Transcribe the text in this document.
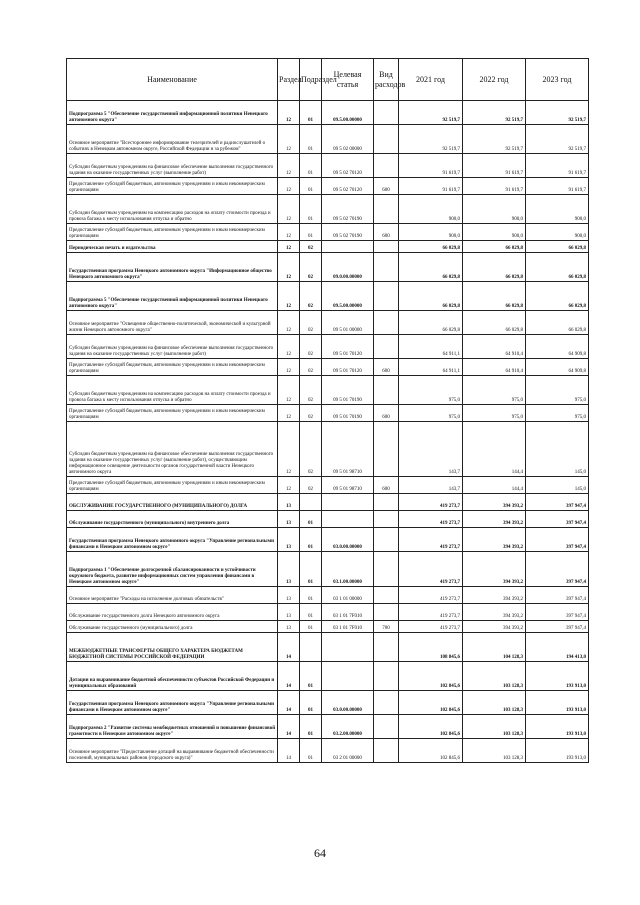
Наименование	Раздел	Подраздел	Целевая статья	Вид расходов	2021 год	2022 год	2023 год
Подпрограмма 5 "Обеспечение государственной информационной политики Ненецкого автономного округа"	12	01	09.5.00.00000		92 519,7	92 519,7	92 519,7
Основное мероприятие "Всестороннее информирование телезрителей и радиослушателей о событиях в Ненецком автономном округе, Российской Федерации и за рубежом"	12	01	09 5 02 00000		92 519,7	92 519,7	92 519,7
Субсидии бюджетным учреждениям на финансовое обеспечение выполнения государственного задания на оказание государственных услуг (выполнение работ)	12	01	09 5 02 70120		91 619,7	91 619,7	91 619,7
Предоставление субсидий бюджетным, автономным учреждениям и иным некоммерческим организациям	12	01	09 5 02 70120	600	91 619,7	91 619,7	91 619,7
Субсидии бюджетным учреждениям на компенсацию расходов на оплату стоимости проезда и провоза багажа к месту использования отпуска и обратно	12	01	09 5 02 70190		900,0	900,0	900,0
Предоставление субсидий бюджетным, автономным учреждениям и иным некоммерческим организациям	12	01	09 5 02 70190	600	900,0	900,0	900,0
Периодическая печать и издательства	12	02			66 029,8	66 029,8	66 029,8
Государственная программа Ненецкого автономного округа "Информационное общество Ненецкого автономного округа"	12	02	09.0.00.00000		66 029,8	66 029,8	66 029,8
Подпрограмма 5 "Обеспечение государственной информационной политики Ненецкого автономного округа"	12	02	09.5.00.00000		66 029,8	66 029,8	66 029,8
Основное мероприятие "Освещение общественно-политической, экономической и культурной жизни Ненецкого автономного округа"	12	02	09 5 01 00000		66 029,8	66 029,8	66 029,8
Субсидии бюджетным учреждениям на финансовое обеспечение выполнения государственного задания на оказание государственных услуг (выполнение работ)	12	02	09 5 01 70120		64 911,1	64 910,4	64 909,8
Предоставление субсидий бюджетным, автономным учреждениям и иным некоммерческим организациям	12	02	09 5 01 70120	600	64 911,1	64 910,4	64 909,8
Субсидии бюджетным учреждениям на компенсацию расходов на оплату стоимости проезда и провоза багажа к месту использования отпуска и обратно	12	02	09 5 01 70190		975,0	975,0	975,0
Предоставление субсидий бюджетным, автономным учреждениям и иным некоммерческим организациям	12	02	09 5 01 70190	600	975,0	975,0	975,0
Субсидии бюджетным учреждениям на финансовое обеспечение выполнения государственного задания на оказание государственных услуг (выполнение работ), осуществляющим информационное освещение деятельности органов государственной власти Ненецкого автономного округа	12	02	09 5 01 98710		143,7	144,4	145,0
Предоставление субсидий бюджетным, автономным учреждениям и иным некоммерческим организациям	12	02	09 5 01 98710	600	143,7	144,4	145,0
ОБСЛУЖИВАНИЕ ГОСУДАРСТВЕННОГО (МУНИЦИПАЛЬНОГО) ДОЛГА	13				419 273,7	394 393,2	397 947,4
Обслуживание государственного (муниципального) внутреннего долга	13	01			419 273,7	394 393,2	397 947,4
Государственная программа Ненецкого автономного округа "Управление региональными финансами в Ненецком автономном округе"	13	01	03.0.00.00000		419 273,7	394 393,2	397 947,4
Подпрограмма 1 "Обеспечение долгосрочной сбалансированности и устойчивости окружного бюджета, развитие информационных систем управления финансами в Ненецком автономном округе"	13	01	03.1.00.00000		419 273,7	394 393,2	397 947,4
Основное мероприятие "Расходы на исполнение долговых обязательств"	13	01	03 1 01 00000		419 273,7	394 393,2	397 947,4
Обслуживание государственного долга Ненецкого автономного округа	13	01	03 1 01 7F010		419 273,7	394 393,2	397 947,4
Обслуживание государственного (муниципального) долга	13	01	03 1 01 7F010	700	419 273,7	394 393,2	397 947,4
МЕЖБЮДЖЕТНЫЕ ТРАНСФЕРТЫ ОБЩЕГО ХАРАКТЕРА БЮДЖЕТАМ БЮДЖЕТНОЙ СИСТЕМЫ РОССИЙСКОЙ ФЕДЕРАЦИИ	14				108 845,6	104 128,3	194 413,0
Дотации на выравнивание бюджетной обеспеченности субъектов Российской Федерации и муниципальных образований	14	01			102 845,6	103 128,3	193 913,0
Государственная программа Ненецкого автономного округа "Управление региональными финансами в Ненецком автономном округе"	14	01	03.0.00.00000		102 845,6	103 128,3	193 913,0
Подпрограмма 2 "Развитие системы межбюджетных отношений и повышение финансовой грамотности в Ненецком автономном округе"	14	01	03.2.00.00000		102 845,6	103 128,3	193 913,0
Основное мероприятие "Предоставление дотаций на выравнивание бюджетной обеспеченности поселений, муниципальных районов (городского округа)"	14	01	03 2 01 00000		102 845,6	103 128,3	193 913,0
64
